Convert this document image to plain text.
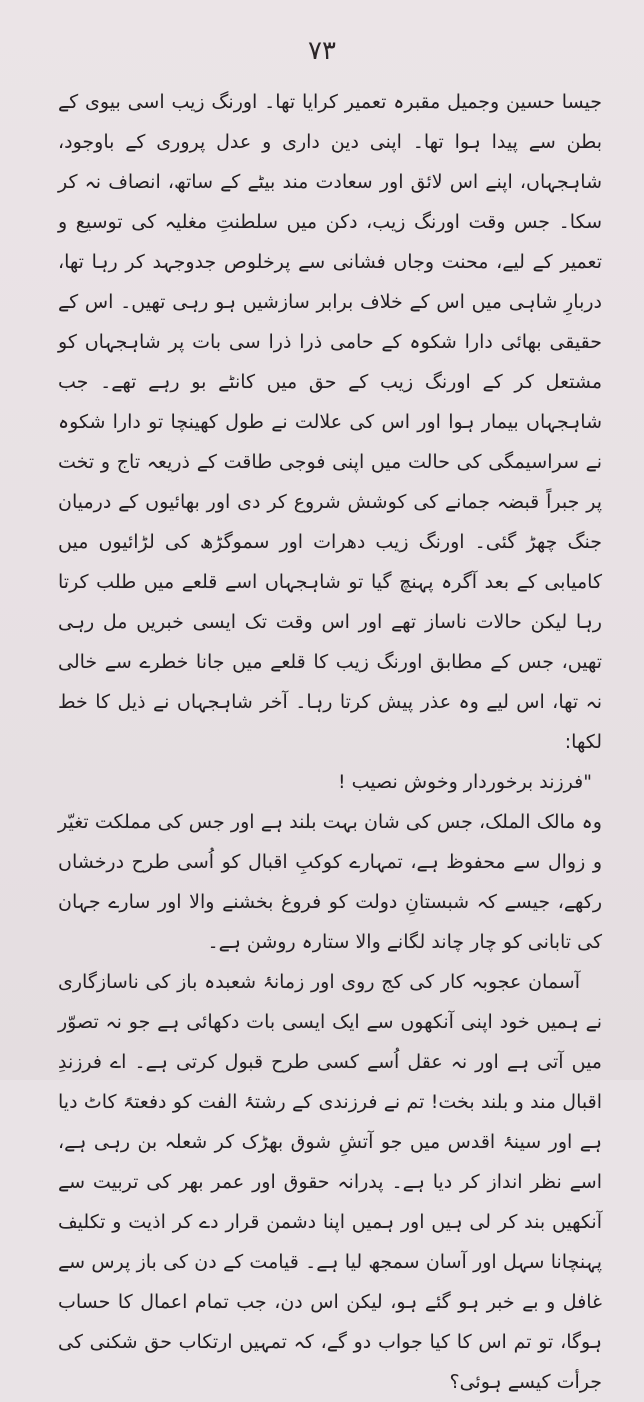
۷۳

جیسا حسین وجمیل مقبرہ تعمیر کرایا تھا۔ اورنگ زیب اسی بیوی کے بطن سے پیدا ہوا تھا۔ اپنی دین داری و عدل پروری کے باوجود، شاہجہاں، اپنے اس لائق اور سعادت مند بیٹے کے ساتھ، انصاف نہ کر سکا۔ جس وقت اورنگ زیب، دکن میں سلطنتِ مغلیہ کی توسیع و تعمیر کے لیے، محنت وجاں فشانی سے پرخلوص جدوجہد کر رہا تھا، دربارِ شاہی میں اس کے خلاف برابر سازشیں ہو رہی تھیں۔ اس کے حقیقی بھائی دارا شکوہ کے حامی ذرا ذرا سی بات پر شاہجہاں کو مشتعل کر کے اورنگ زیب کے حق میں کانٹے بو رہے تھے۔ جب شاہجہاں بیمار ہوا اور اس کی علالت نے طول کھینچا تو دارا شکوہ نے سراسیمگی کی حالت میں اپنی فوجی طاقت کے ذریعہ تاج و تخت پر جبراً قبضہ جمانے کی کوشش شروع کر دی اور بھائیوں کے درمیان جنگ چھڑ گئی۔ اورنگ زیب دھرات اور سموگڑھ کی لڑائیوں میں کامیابی کے بعد آگرہ پہنچ گیا تو شاہجہاں اسے قلعے میں طلب کرتا رہا لیکن حالات ناساز تھے اور اس وقت تک ایسی خبریں مل رہی تھیں، جس کے مطابق اورنگ زیب کا قلعے میں جانا خطرے سے خالی نہ تھا، اس لیے وہ عذر پیش کرتا رہا۔ آخر شاہجہاں نے ذیل کا خط لکھا:

"فرزند برخوردار وخوش نصیب !

وہ مالک الملک، جس کی شان بہت بلند ہے اور جس کی مملکت تغیّر و زوال سے محفوظ ہے، تمہارے کوکبِ اقبال کو اُسی طرح درخشاں رکھے، جیسے کہ شبستانِ دولت کو فروغ بخشنے والا اور سارے جہان کی تابانی کو چار چاند لگانے والا ستارہ روشن ہے۔

آسمان عجوبہ کار کی کج روی اور زمانۂ شعبدہ باز کی ناسازگاری نے ہمیں خود اپنی آنکھوں سے ایک ایسی بات دکھائی ہے جو نہ تصوّر میں آتی ہے اور نہ عقل اُسے کسی طرح قبول کرتی ہے۔ اے فرزندِ اقبال مند و بلند بخت! تم نے فرزندی کے رشتۂ الفت کو دفعتہً کاٹ دیا ہے اور سینۂ اقدس میں جو آتشِ شوق بھڑک کر شعلہ بن رہی ہے، اسے نظر انداز کر دیا ہے۔ پدرانہ حقوق اور عمر بھر کی تربیت سے آنکھیں بند کر لی ہیں اور ہمیں اپنا دشمن قرار دے کر اذیت و تکلیف پہنچانا سہل اور آسان سمجھ لیا ہے۔ قیامت کے دن کی باز پرس سے غافل و بے خبر ہو گئے ہو، لیکن اس دن، جب تمام اعمال کا حساب ہوگا، تو تم اس کا کیا جواب دو گے، کہ تمہیں ارتکاب حق شکنی کی جرأت کیسے ہوئی؟
